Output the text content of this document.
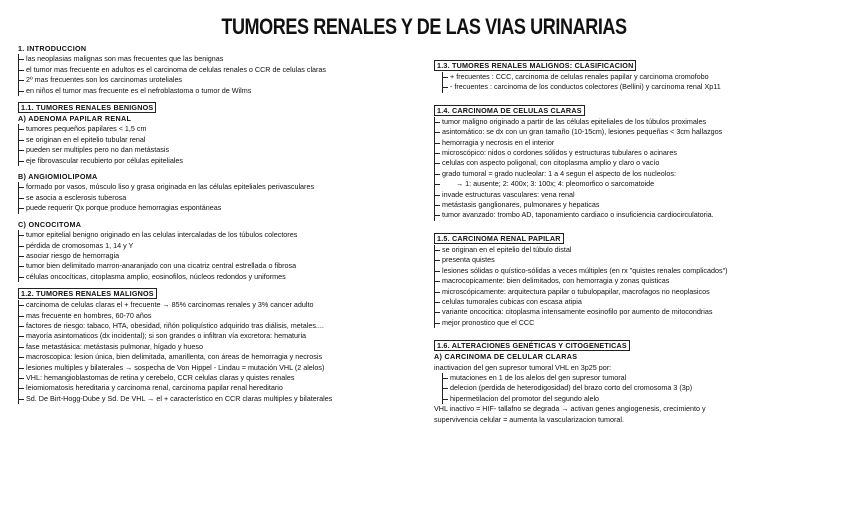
TUMORES RENALES Y DE LAS VIAS URINARIAS
1. INTRODUCCION
las neoplasias malignas son mas frecuentes que las benignas
el tumor mas frecuente en adultos es el carcinoma de celulas renales o CCR de celulas claras
2º mas frecuentes son los carcinomas uroteliales
en niños el tumor mas frecuente es el nefroblastoma o tumor de Wilms
1.1. TUMORES RENALES BENIGNOS
A) ADENOMA PAPILAR RENAL
tumores pequeños papilares < 1,5 cm
se originan en el epitelio tubular renal
pueden ser multiples pero no dan metástasis
eje fibrovascular recubierto por células epiteliales
B) ANGIOMIOLIPOMA
formado por vasos, músculo liso y grasa originada en las células epiteliales perivasculares
se asocia a esclerosis tuberosa
puede requerir Qx porque produce hemorragias espontáneas
C) ONCOCITOMA
tumor epitelial benigno originado en las celulas intercaladas de los túbulos colectores
pérdida de cromosomas 1, 14 y Y
asociar riesgo de hemorragia
tumor bien delimitado marron-anaranjado con una cicatriz central estrellada o fibrosa
células oncocíticas, citoplasma amplio, eosinofilos, núcleos redondos y uniformes
1.2. TUMORES RENALES MALIGNOS
carcinoma de celulas claras el + frecuente → 85% carcinomas renales y 3% cancer adulto
mas frecuente en hombres, 60-70 años
factores de riesgo: tabaco, HTA, obesidad, riñón poliquístico adquirido tras diálisis, metales....
mayoría asintomaticos (dx incidental); si son grandes o infiltran vía excretora: hematuria
fase metastásica: metástasis pulmonar, hígado y hueso
macroscopica: lesion única, bien delimitada, amarillenta, con áreas de hemorragia y necrosis
lesiones multiples y bilaterales → sospecha de Von Hippel - Lindau = mutación VHL (2 alelos)
VHL: hemangioblastomas de retina y cerebelo, CCR celulas claras y quistes renales
leiomiomatosis hereditaria y carcinoma renal, carcinoma papilar renal hereditario
Sd. De Birt-Hogg-Dube y Sd. De VHL → el + característico en CCR claras multiples y bilaterales
1.3. TUMORES RENALES MALIGNOS: CLASIFICACION
+ frecuentes : CCC, carcinoma de celulas renales papilar y carcinoma cromofobo
- frecuentes : carcinoma de los conductos colectores (Bellini) y carcinoma renal Xp11
1.4. CARCINOMA DE CELULAS CLARAS
tumor maligno originado a partir de las células epiteliales de los túbulos proximales
asintomático: se dx con un gran tamaño (10-15cm), lesiones pequeñas < 3cm hallazgos
hemorragia y necrosis en el interior
microscópico: nidos o cordones sólidos y estructuras tubulares o acinares
celulas con aspecto poligonal, con citoplasma amplio y claro o vacío
grado tumoral = grado nucleolar: 1 a 4 segun el aspecto de los nucleolos:
→ 1: ausente; 2: 400x; 3: 100x; 4: pleomorfico o sarcomatoide
invade estructuras vasculares: vena renal
metástasis ganglionares, pulmonares y hepaticas
tumor avanzado: trombo AD, taponamiento cardiaco o insuficiencia cardiocirculatoria.
1.5. CARCINOMA RENAL PAPILAR
se originan en el epitelio del túbulo distal
presenta quistes
lesiones sólidas o quístico-sólidas a veces múltiples (en rx "quistes renales complicados")
macrocopicamente: bien delimitados, con hemorragia y zonas quisticas
microscópicamente: arquitectura papilar o tubulopapilar, macrofagos no neoplasicos
celulas tumorales cubicas con escasa atipia
variante oncocitica: citoplasma intensamente eosinofilo por aumento de mitocondrias
mejor pronostico que el CCC
1.6. ALTERACIONES GENÉTICAS Y CITOGENETICAS
A) CARCINOMA DE CELULAR CLARAS
inactivacion del gen supresor tumoral VHL en 3p25 por:
mutaciones en 1 de los alelos del gen supresor tumoral
delecion (perdida de heterodigosidad) del brazo corto del cromosoma 3 (3p)
hipermetilacion del promotor del segundo alelo
VHL inactivo = HIF- tallafno se degrada → activan genes angiogenesis, crecimiento y
supervivencia celular = aumenta la vascularizacion tumoral.
